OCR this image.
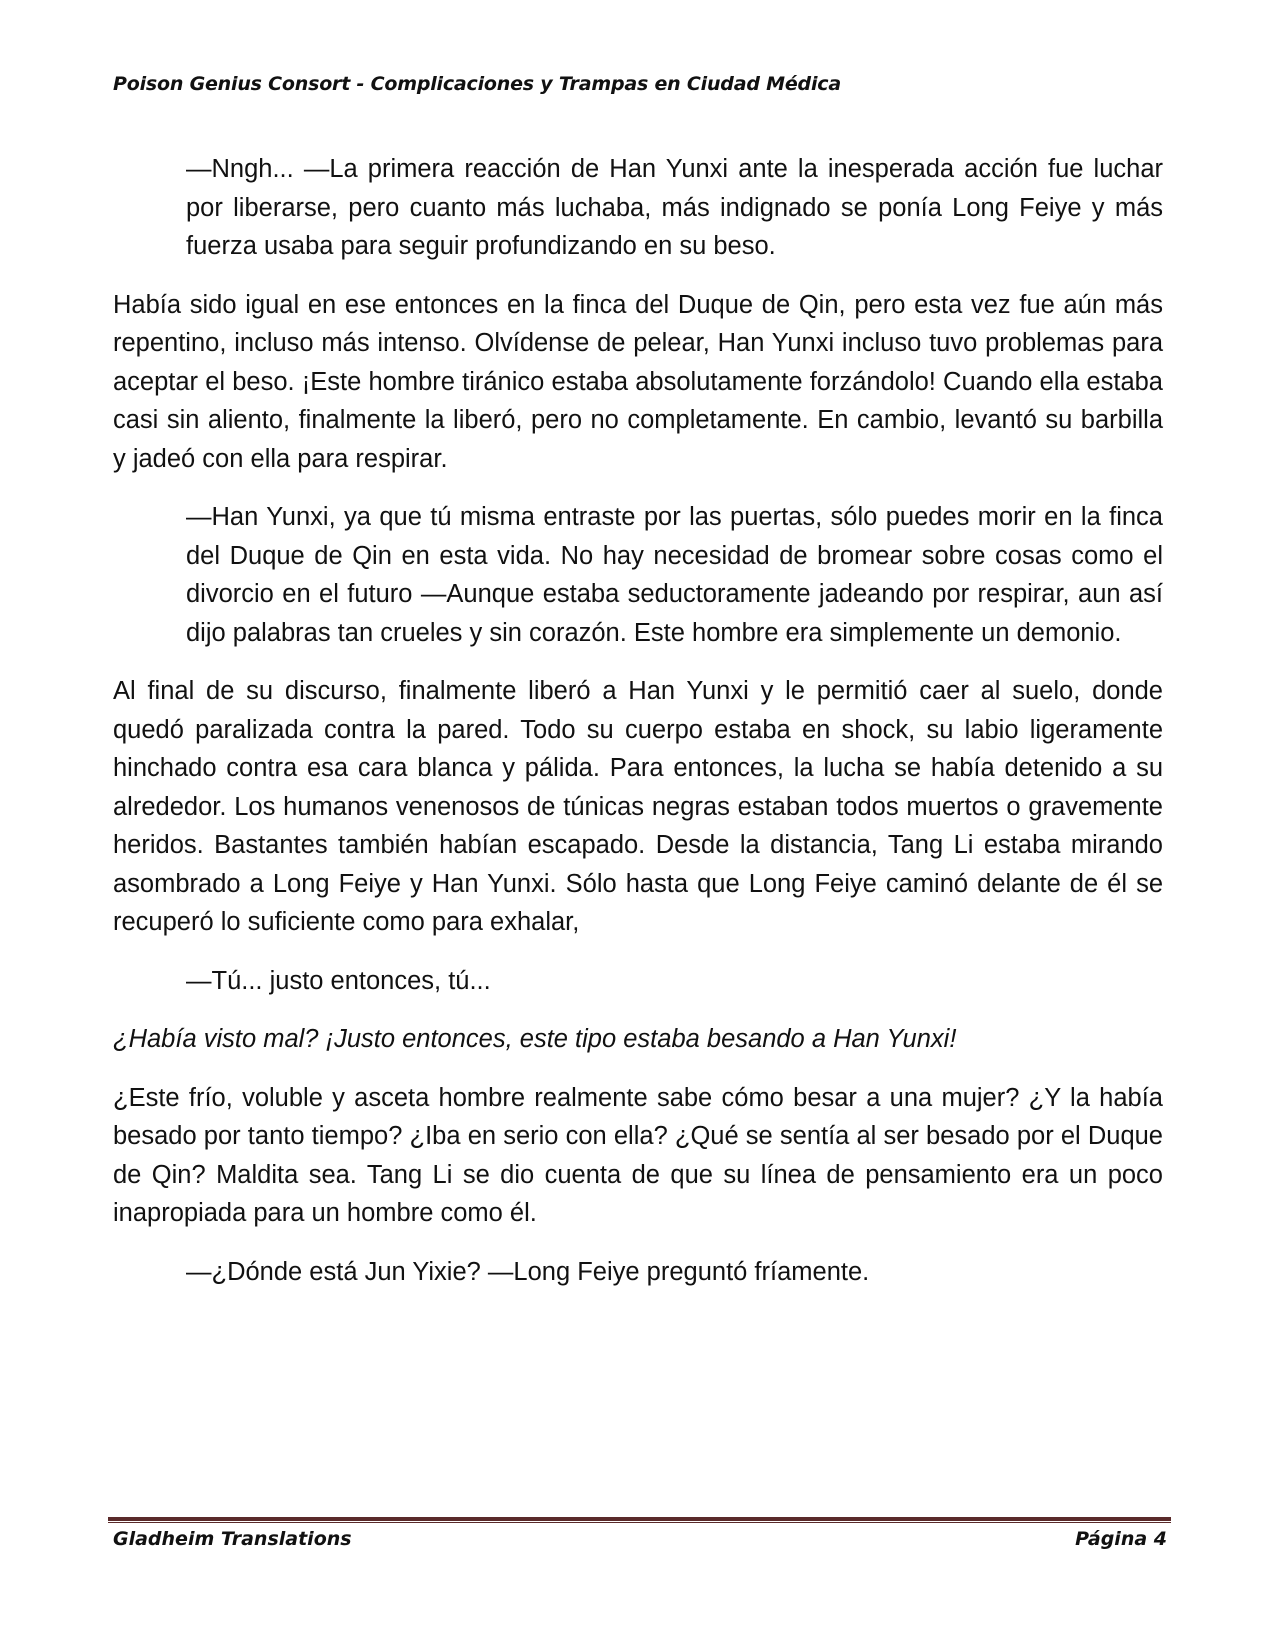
Poison Genius Consort - Complicaciones y Trampas en Ciudad Médica

—Nngh... —La primera reacción de Han Yunxi ante la inesperada acción fue luchar por liberarse, pero cuanto más luchaba, más indignado se ponía Long Feiye y más fuerza usaba para seguir profundizando en su beso.

Había sido igual en ese entonces en la finca del Duque de Qin, pero esta vez fue aún más repentino, incluso más intenso. Olvídense de pelear, Han Yunxi incluso tuvo problemas para aceptar el beso. ¡Este hombre tiránico estaba absolutamente forzándolo! Cuando ella estaba casi sin aliento, finalmente la liberó, pero no completamente. En cambio, levantó su barbilla y jadeó con ella para respirar.

—Han Yunxi, ya que tú misma entraste por las puertas, sólo puedes morir en la finca del Duque de Qin en esta vida. No hay necesidad de bromear sobre cosas como el divorcio en el futuro —Aunque estaba seductoramente jadeando por respirar, aun así dijo palabras tan crueles y sin corazón. Este hombre era simplemente un demonio.

Al final de su discurso, finalmente liberó a Han Yunxi y le permitió caer al suelo, donde quedó paralizada contra la pared. Todo su cuerpo estaba en shock, su labio ligeramente hinchado contra esa cara blanca y pálida. Para entonces, la lucha se había detenido a su alrededor. Los humanos venenosos de túnicas negras estaban todos muertos o gravemente heridos. Bastantes también habían escapado. Desde la distancia, Tang Li estaba mirando asombrado a Long Feiye y Han Yunxi. Sólo hasta que Long Feiye caminó delante de él se recuperó lo suficiente como para exhalar,

—Tú... justo entonces, tú...

¿Había visto mal? ¡Justo entonces, este tipo estaba besando a Han Yunxi!

¿Este frío, voluble y asceta hombre realmente sabe cómo besar a una mujer? ¿Y la había besado por tanto tiempo? ¿Iba en serio con ella? ¿Qué se sentía al ser besado por el Duque de Qin? Maldita sea. Tang Li se dio cuenta de que su línea de pensamiento era un poco inapropiada para un hombre como él.

—¿Dónde está Jun Yixie? —Long Feiye preguntó fríamente.

Gladheim Translations	Página 4
